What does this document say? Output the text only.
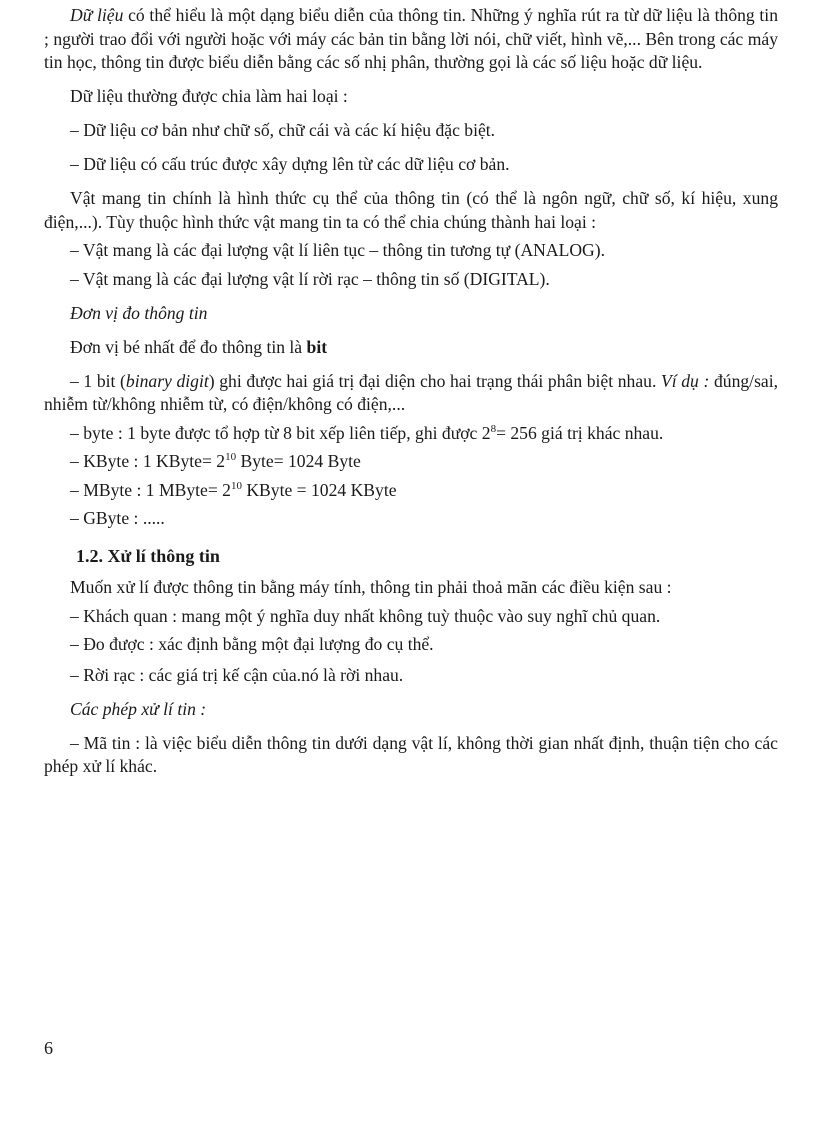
Dữ liệu có thể hiểu là một dạng biểu diễn của thông tin. Những ý nghĩa rút ra từ dữ liệu là thông tin ; người trao đổi với người hoặc với máy các bản tin bằng lời nói, chữ viết, hình vẽ,... Bên trong các máy tin học, thông tin được biểu diễn bằng các số nhị phân, thường gọi là các số liệu hoặc dữ liệu.

Dữ liệu thường được chia làm hai loại :

– Dữ liệu cơ bản như chữ số, chữ cái và các kí hiệu đặc biệt.

– Dữ liệu có cấu trúc được xây dựng lên từ các dữ liệu cơ bản.

Vật mang tin chính là hình thức cụ thể của thông tin (có thể là ngôn ngữ, chữ số, kí hiệu, xung điện,...). Tùy thuộc hình thức vật mang tin ta có thể chia chúng thành hai loại :

– Vật mang là các đại lượng vật lí liên tục – thông tin tương tự (ANALOG).

– Vật mang là các đại lượng vật lí rời rạc – thông tin số (DIGITAL).

Đơn vị đo thông tin

Đơn vị bé nhất để đo thông tin là bit

– 1 bit (binary digit) ghi được hai giá trị đại diện cho hai trạng thái phân biệt nhau. Ví dụ : đúng/sai, nhiễm từ/không nhiễm từ, có điện/không có điện,...

– byte : 1 byte được tổ hợp từ 8 bit xếp liên tiếp, ghi được $2^8= 256$ giá trị khác nhau.

– KByte : 1 KByte= $2^{10}$ Byte= 1024 Byte

– MByte : 1 MByte= $2^{10}$ KByte = 1024 KByte

– GByte : .....

1.2. Xử lí thông tin

Muốn xử lí được thông tin bằng máy tính, thông tin phải thoả mãn các điều kiện sau :

– Khách quan : mang một ý nghĩa duy nhất không tuỳ thuộc vào suy nghĩ chủ quan.

– Đo được : xác định bằng một đại lượng đo cụ thể.

– Rời rạc : các giá trị kế cận của.nó là rời nhau.

Các phép xử lí tin :

– Mã tin : là việc biểu diễn thông tin dưới dạng vật lí, không thời gian nhất định, thuận tiện cho các phép xử lí khác.

6
